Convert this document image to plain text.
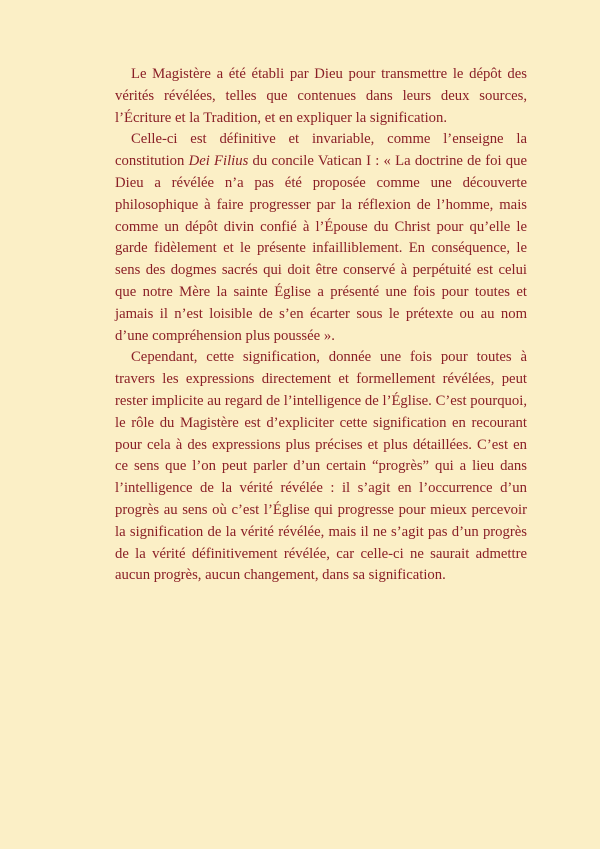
Le Magistère a été établi par Dieu pour transmettre le dépôt des vérités révélées, telles que contenues dans leurs deux sources, l’Écriture et la Tradition, et en expliquer la signification.

Celle-ci est définitive et invariable, comme l’enseigne la constitution Dei Filius du concile Vatican I : « La doctrine de foi que Dieu a révélée n’a pas été proposée comme une découverte philosophique à faire progresser par la réflexion de l’homme, mais comme un dépôt divin confié à l’Épouse du Christ pour qu’elle le garde fidèlement et le présente infailliblement. En conséquence, le sens des dogmes sacrés qui doit être conservé à perpétuité est celui que notre Mère la sainte Église a présenté une fois pour toutes et jamais il n’est loisible de s’en écarter sous le prétexte ou au nom d’une compréhension plus poussée ».

Cependant, cette signification, donnée une fois pour toutes à travers les expressions directement et formellement révélées, peut rester implicite au regard de l’intelligence de l’Église. C’est pourquoi, le rôle du Magistère est d’expliciter cette signification en recourant pour cela à des expressions plus précises et plus détaillées. C’est en ce sens que l’on peut parler d’un certain “progrès” qui a lieu dans l’intelligence de la vérité révélée : il s’agit en l’occurrence d’un progrès au sens où c’est l’Église qui progresse pour mieux percevoir la signification de la vérité révélée, mais il ne s’agit pas d’un progrès de la vérité définitivement révélée, car celle-ci ne saurait admettre aucun progrès, aucun changement, dans sa signification.
